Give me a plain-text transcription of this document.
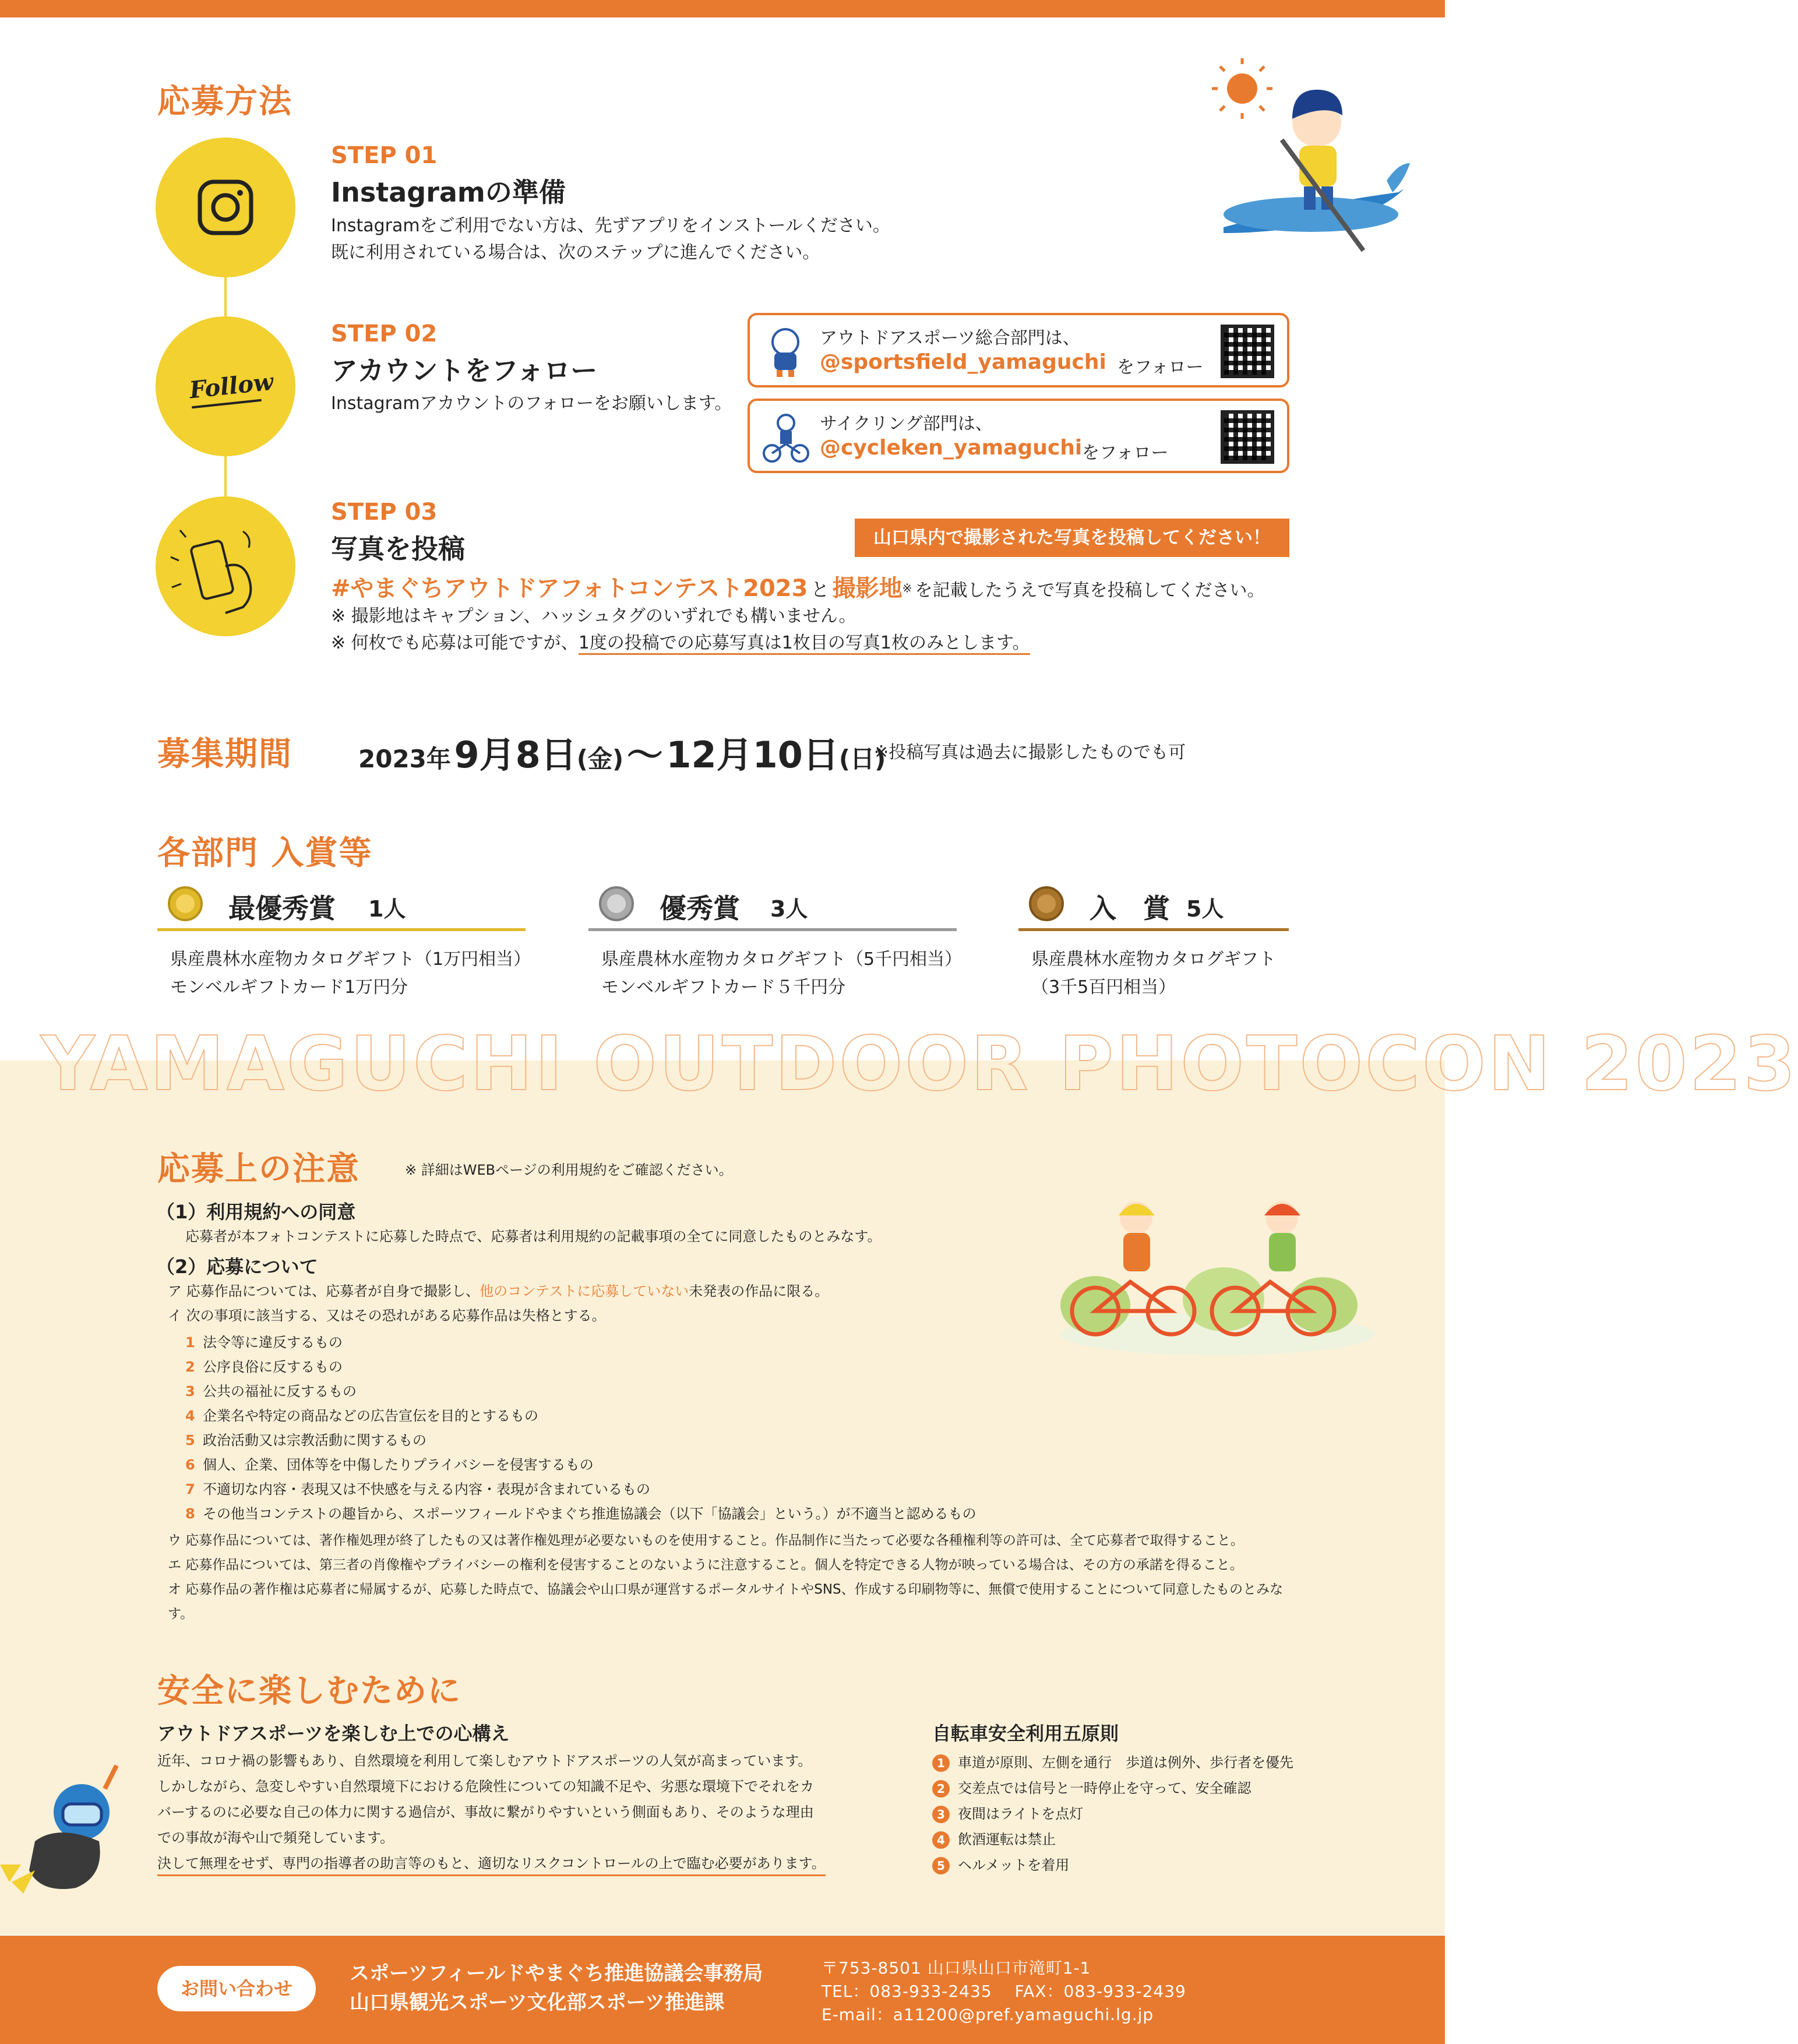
応募方法
STEP 01
Instagramの準備
Instagramをご利用でない方は、先ずアプリをインストールください。
既に利用されている場合は、次のステップに進んでください。
Follow
STEP 02
アカウントをフォロー
Instagramアカウントのフォローをお願いします。
アウトドアスポーツ総合部門は、
@sportsfield_yamaguchi をフォロー
サイクリング部門は、
@cycleken_yamaguchi をフォロー
STEP 03
写真を投稿	山口県内で撮影された写真を投稿してください！
#やまぐちアウトドアフォトコンテスト2023 と 撮影地※ を記載したうえで写真を投稿してください。
※ 撮影地はキャプション、ハッシュタグのいずれでも構いません。
※ 何枚でも応募は可能ですが、1度の投稿での応募写真は1枚目の写真1枚のみとします。
募集期間	2023年 9月8日(金) 〜 12月10日(日)
※投稿写真は過去に撮影したものでも可
各部門 入賞等
最優秀賞 1人
県産農林水産物カタログギフト（1万円相当）
モンベルギフトカード1万円分
優秀賞 3人
県産農林水産物カタログギフト（5千円相当）
モンベルギフトカード５千円分
入　賞 5人
県産農林水産物カタログギフト
（3千5百円相当）
YAMAGUCHI OUTDOOR PHOTOCON 2023
応募上の注意	※ 詳細はWEBページの利用規約をご確認ください。
（1）利用規約への同意
応募者が本フォトコンテストに応募した時点で、応募者は利用規約の記載事項の全てに同意したものとみなす。
（2）応募について
ア 応募作品については、応募者が自身で撮影し、他のコンテストに応募していない未発表の作品に限る。
イ 次の事項に該当する、又はその恐れがある応募作品は失格とする。
1 法令等に違反するもの
2 公序良俗に反するもの
3 公共の福祉に反するもの
4 企業名や特定の商品などの広告宣伝を目的とするもの
5 政治活動又は宗教活動に関するもの
6 個人、企業、団体等を中傷したりプライバシーを侵害するもの
7 不適切な内容・表現又は不快感を与える内容・表現が含まれているもの
8 その他当コンテストの趣旨から、スポーツフィールドやまぐち推進協議会（以下「協議会」という。）が不適当と認めるもの
ウ 応募作品については、著作権処理が終了したもの又は著作権処理が必要ないものを使用すること。作品制作に当たって必要な各種権利等の許可は、全て応募者で取得すること。
エ 応募作品については、第三者の肖像権やプライバシーの権利を侵害することのないように注意すること。個人を特定できる人物が映っている場合は、その方の承諾を得ること。
オ 応募作品の著作権は応募者に帰属するが、応募した時点で、協議会や山口県が運営するポータルサイトやSNS、作成する印刷物等に、無償で使用することについて同意したものとみなす。
安全に楽しむために
アウトドアスポーツを楽しむ上での心構え
近年、コロナ禍の影響もあり、自然環境を利用して楽しむアウトドアスポーツの人気が高まっています。
しかしながら、急変しやすい自然環境下における危険性についての知識不足や、劣悪な環境下でそれをカ
バーするのに必要な自己の体力に関する過信が、事故に繋がりやすいという側面もあり、そのような理由
での事故が海や山で頻発しています。
決して無理をせず、専門の指導者の助言等のもと、適切なリスクコントロールの上で臨む必要があります。
自転車安全利用五原則
1 車道が原則、左側を通行　歩道は例外、歩行者を優先
2 交差点では信号と一時停止を守って、安全確認
3 夜間はライトを点灯
4 飲酒運転は禁止
5 ヘルメットを着用
お問い合わせ
スポーツフィールドやまぐち推進協議会事務局
山口県観光スポーツ文化部スポーツ推進課
〒753-8501 山口県山口市滝町1-1
TEL：083-933-2435　 FAX：083-933-2439
E-mail：a11200@pref.yamaguchi.lg.jp
